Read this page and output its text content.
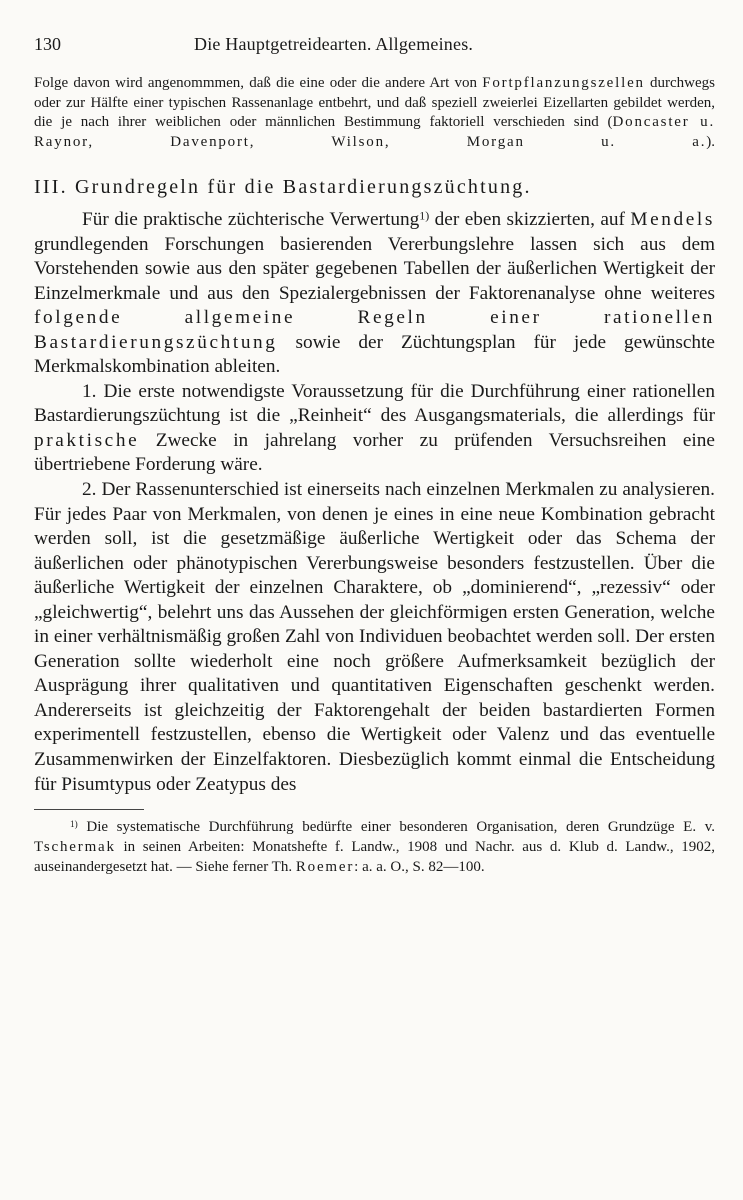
130	Die Hauptgetreidearten. Allgemeines.

Folge davon wird angenommmen, daß die eine oder die andere Art von Fortpflanzungszellen durchwegs oder zur Hälfte einer typischen Rassenanlage entbehrt, und daß speziell zweierlei Eizellarten gebildet werden, die je nach ihrer weiblichen oder männlichen Bestimmung faktoriell verschieden sind (Doncaster u. Raynor, Davenport, Wilson, Morgan u. a.).

III. Grundregeln für die Bastardierungszüchtung.

Für die praktische züchterische Verwertung$^{1)}$ der eben skizzierten, auf Mendels grundlegenden Forschungen basierenden Vererbungslehre lassen sich aus dem Vorstehenden sowie aus den später gegebenen Tabellen der äußerlichen Wertigkeit der Einzelmerkmale und aus den Spezialergebnissen der Faktorenanalyse ohne weiteres folgende allgemeine Regeln einer rationellen Bastardierungszüchtung sowie der Züchtungsplan für jede gewünschte Merkmalskombination ableiten.

1. Die erste notwendigste Voraussetzung für die Durchführung einer rationellen Bastardierungszüchtung ist die „Reinheit“ des Ausgangsmaterials, die allerdings für praktische Zwecke in jahrelang vorher zu prüfenden Versuchsreihen eine übertriebene Forderung wäre.

2. Der Rassenunterschied ist einerseits nach einzelnen Merkmalen zu analysieren. Für jedes Paar von Merkmalen, von denen je eines in eine neue Kombination gebracht werden soll, ist die gesetzmäßige äußerliche Wertigkeit oder das Schema der äußerlichen oder phänotypischen Vererbungsweise besonders festzustellen. Über die äußerliche Wertigkeit der einzelnen Charaktere, ob „dominierend“, „rezessiv“ oder „gleichwertig“, belehrt uns das Aussehen der gleichförmigen ersten Generation, welche in einer verhältnismäßig großen Zahl von Individuen beobachtet werden soll. Der ersten Generation sollte wiederholt eine noch größere Aufmerksamkeit bezüglich der Ausprägung ihrer qualitativen und quantitativen Eigenschaften geschenkt werden. Andererseits ist gleichzeitig der Faktorengehalt der beiden bastardierten Formen experimentell festzustellen, ebenso die Wertigkeit oder Valenz und das eventuelle Zusammenwirken der Einzelfaktoren. Diesbezüglich kommt einmal die Entscheidung für Pisumtypus oder Zeatypus des

$^{1)}$ Die systematische Durchführung bedürfte einer besonderen Organisation, deren Grundzüge E. v. Tschermak in seinen Arbeiten: Monatshefte f. Landw., 1908 und Nachr. aus d. Klub d. Landw., 1902, auseinandergesetzt hat. — Siehe ferner Th. Roemer: a. a. O., S. 82—100.
